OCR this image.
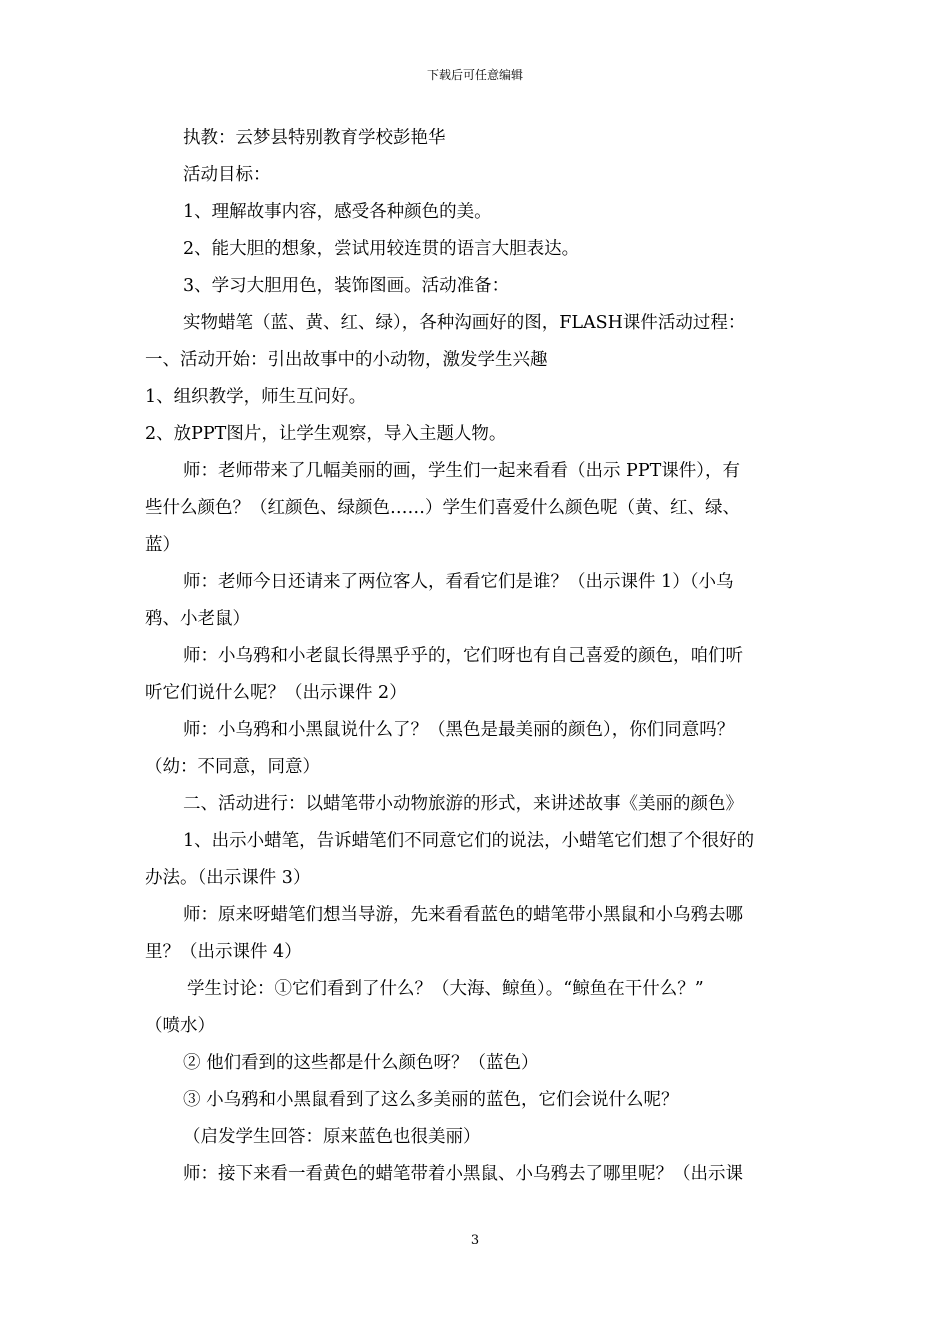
下载后可任意编辑
执教：云梦县特别教育学校彭艳华
活动目标：
1、理解故事内容，感受各种颜色的美。
2、能大胆的想象，尝试用较连贯的语言大胆表达。
3、学习大胆用色，装饰图画。活动准备：
实物蜡笔（蓝、黄、红、绿），各种沟画好的图，FLASH课件活动过程：
一、活动开始：引出故事中的小动物，激发学生兴趣
1、组织教学，师生互问好。
2、放PPT图片，让学生观察，导入主题人物。
师：老师带来了几幅美丽的画，学生们一起来看看（出示 PPT课件），有
些什么颜色？（红颜色、绿颜色……）学生们喜爱什么颜色呢（黄、红、绿、
蓝）
师：老师今日还请来了两位客人，看看它们是谁？（出示课件 1）（小乌
鸦、小老鼠）
师：小乌鸦和小老鼠长得黑乎乎的，它们呀也有自己喜爱的颜色，咱们听
听它们说什么呢？（出示课件 2）
师：小乌鸦和小黑鼠说什么了？（黑色是最美丽的颜色），你们同意吗？
（幼：不同意，同意）
二、活动进行：以蜡笔带小动物旅游的形式，来讲述故事《美丽的颜色》
1、出示小蜡笔，告诉蜡笔们不同意它们的说法，小蜡笔它们想了个很好的
办法。（出示课件 3）
师：原来呀蜡笔们想当导游，先来看看蓝色的蜡笔带小黑鼠和小乌鸦去哪
里？（出示课件 4）
学生讨论：①它们看到了什么？（大海、鲸鱼）。“鲸鱼在干什么？”
（喷水）
② 他们看到的这些都是什么颜色呀？（蓝色）
③ 小乌鸦和小黑鼠看到了这么多美丽的蓝色，它们会说什么呢？
（启发学生回答：原来蓝色也很美丽）
师：接下来看一看黄色的蜡笔带着小黑鼠、小乌鸦去了哪里呢？（出示课
3
